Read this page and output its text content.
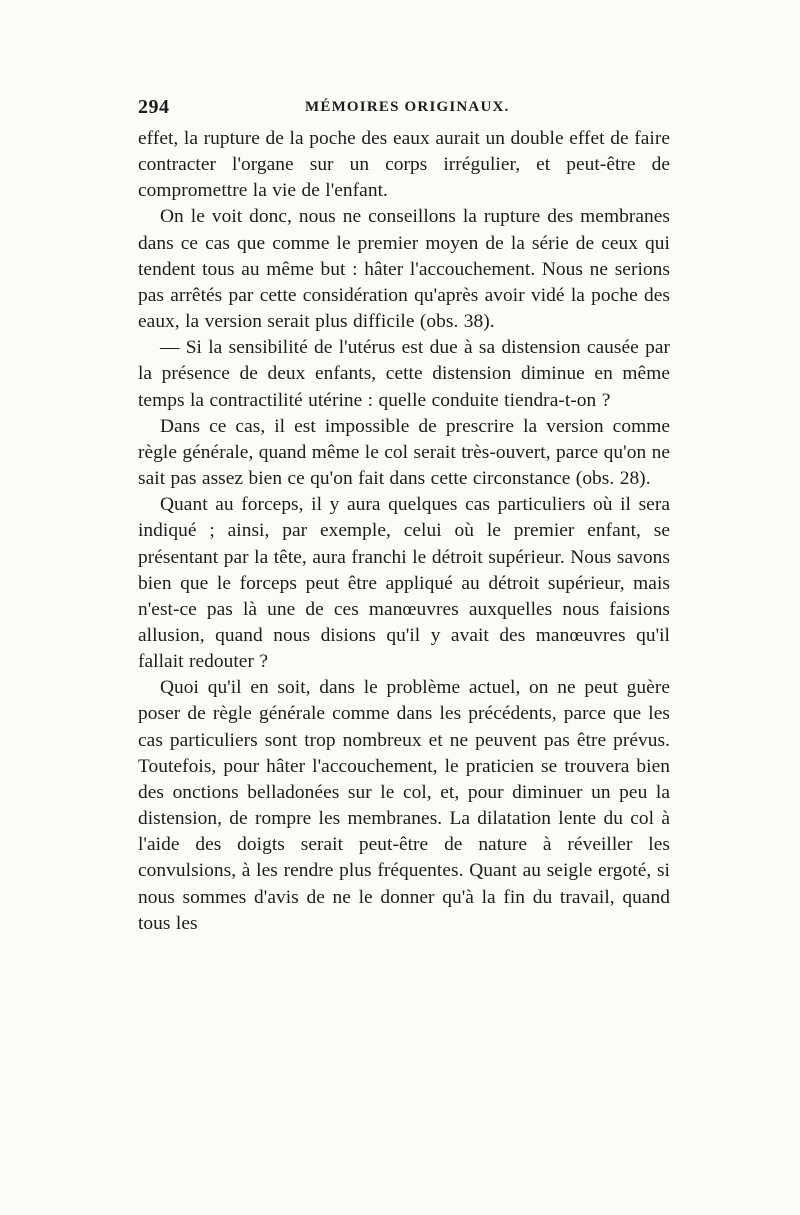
294	MÉMOIRES ORIGINAUX.

effet, la rupture de la poche des eaux aurait un double effet de faire contracter l'organe sur un corps irrégulier, et peut-être de compromettre la vie de l'enfant.

On le voit donc, nous ne conseillons la rupture des membranes dans ce cas que comme le premier moyen de la série de ceux qui tendent tous au même but : hâter l'accouchement. Nous ne serions pas arrêtés par cette considération qu'après avoir vidé la poche des eaux, la version serait plus difficile (obs. 38).

— Si la sensibilité de l'utérus est due à sa distension causée par la présence de deux enfants, cette distension diminue en même temps la contractilité utérine : quelle conduite tiendra-t-on ?

Dans ce cas, il est impossible de prescrire la version comme règle générale, quand même le col serait très-ouvert, parce qu'on ne sait pas assez bien ce qu'on fait dans cette circonstance (obs. 28).

Quant au forceps, il y aura quelques cas particuliers où il sera indiqué ; ainsi, par exemple, celui où le premier enfant, se présentant par la tête, aura franchi le détroit supérieur. Nous savons bien que le forceps peut être appliqué au détroit supérieur, mais n'est-ce pas là une de ces manœuvres auxquelles nous faisions allusion, quand nous disions qu'il y avait des manœuvres qu'il fallait redouter ?

Quoi qu'il en soit, dans le problème actuel, on ne peut guère poser de règle générale comme dans les précédents, parce que les cas particuliers sont trop nombreux et ne peuvent pas être prévus. Toutefois, pour hâter l'accouchement, le praticien se trouvera bien des onctions belladonées sur le col, et, pour diminuer un peu la distension, de rompre les membranes. La dilatation lente du col à l'aide des doigts serait peut-être de nature à réveiller les convulsions, à les rendre plus fréquentes. Quant au seigle ergoté, si nous sommes d'avis de ne le donner qu'à la fin du travail, quand tous les
